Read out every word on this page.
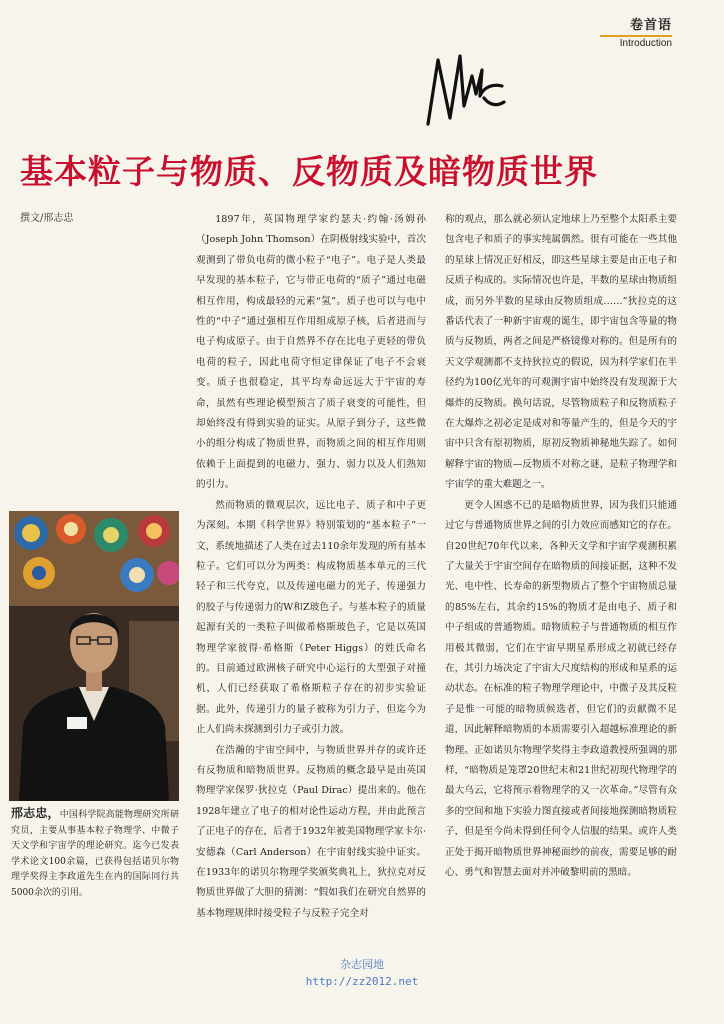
卷首语
Introduction
基本粒子与物质、反物质及暗物质世界
撰文/邢志忠	1897年，英国物理学家约瑟夫·约翰·汤姆孙（Joseph John Thomson）在阴极射线实验中，首次观测到了带负电荷的微小粒子“电子”。电子是人类最早发现的基本粒子，它与带正电荷的“质子”通过电磁相互作用，构成最轻的元素“氢”。质子也可以与电中性的“中子”通过强相互作用组成原子核，后者进而与电子构成原子。由于自然界不存在比电子更轻的带负电荷的粒子，因此电荷守恒定律保证了电子不会衰变。质子也很稳定，其平均寿命远远大于宇宙的寿命，虽然有些理论模型预言了质子衰变的可能性，但却始终没有得到实验的证实。从原子到分子，这些微小的组分构成了物质世界，而物质之间的相互作用则依赖于上面提到的电磁力、强力、弱力以及人们熟知的引力。

然而物质的微观层次，远比电子、质子和中子更为深刻。本期《科学世界》特别策划的“基本粒子”一文，系统地描述了人类在过去110余年发现的所有基本粒子。它们可以分为两类：构成物质基本单元的三代轻子和三代夸克，以及传递电磁力的光子、传递强力的胶子与传递弱力的W和Z玻色子。与基本粒子的质量起源有关的一类粒子叫做希格斯玻色子，它是以英国物理学家彼得·希格斯（Peter Higgs）的姓氏命名的。目前通过欧洲核子研究中心运行的大型强子对撞机，人们已经获取了希格斯粒子存在的初步实验证据。此外，传递引力的量子被称为引力子，但迄今为止人们尚未探测到引力子或引力波。

在浩瀚的宇宙空间中，与物质世界并存的或许还有反物质和暗物质世界。反物质的概念最早是由英国物理学家保罗·狄拉克（Paul Dirac）提出来的。他在1928年建立了电子的相对论性运动方程，并由此预言了正电子的存在，后者于1932年被美国物理学家卡尔·安德森（Carl Anderson）在宇宙射线实验中证实。在1933年的诺贝尔物理学奖颁奖典礼上，狄拉克对反物质世界做了大胆的猜测：“假如我们在研究自然界的基本物理规律时接受粒子与反粒子完全对

称的观点，那么就必须认定地球上乃至整个太阳系主要包含电子和质子的事实纯属偶然。很有可能在一些其他的星球上情况正好相反，即这些星球主要是由正电子和反质子构成的。实际情况也许是，半数的星球由物质组成，而另外半数的星球由反物质组成……”狄拉克的这番话代表了一种新宇宙观的诞生，即宇宙包含等量的物质与反物质，两者之间是严格镜像对称的。但是所有的天文学观测都不支持狄拉克的假说，因为科学家们在半径约为100亿光年的可观测宇宙中始终没有发现源于大爆炸的反物质。换句话说，尽管物质粒子和反物质粒子在大爆炸之初必定是成对和等量产生的，但是今天的宇宙中只含有原初物质，原初反物质神秘地失踪了。如何解释宇宙的物质—反物质不对称之谜，是粒子物理学和宇宙学的重大难题之一。

更令人困惑不已的是暗物质世界，因为我们只能通过它与普通物质世界之间的引力效应而感知它的存在。自20世纪70年代以来，各种天文学和宇宙学观测积累了大量关于宇宙空间存在暗物质的间接证据，这种不发光、电中性、长寿命的新型物质占了整个宇宙物质总量的85%左右，其余约15%的物质才是由电子、质子和中子组成的普通物质。暗物质粒子与普通物质的相互作用极其微弱，它们在宇宙早期星系形成之初就已经存在，其引力场决定了宇宙大尺度结构的形成和星系的运动状态。在标准的粒子物理学理论中，中微子及其反粒子是惟一可能的暗物质候选者，但它们的贡献微不足道，因此解释暗物质的本质需要引入超越标准理论的新物理。正如诺贝尔物理学奖得主李政道教授所强调的那样，“暗物质是笼罩20世纪末和21世纪初现代物理学的最大乌云，它将预示着物理学的又一次革命。”尽管有众多的空间和地下实验力图直接或者间接地探测暗物质粒子，但是至今尚未得到任何令人信服的结果。或许人类正处于揭开暗物质世界神秘面纱的前夜，需要足够的耐心、勇气和智慧去面对并冲破黎明前的黑暗。

邢志忠，中国科学院高能物理研究所研究员，主要从事基本粒子物理学、中微子天文学和宇宙学的理论研究。迄今已发表学术论文100余篇，已获得包括诺贝尔物理学奖得主李政道先生在内的国际同行共5000余次的引用。
杂志园地
http://zz2012.net
